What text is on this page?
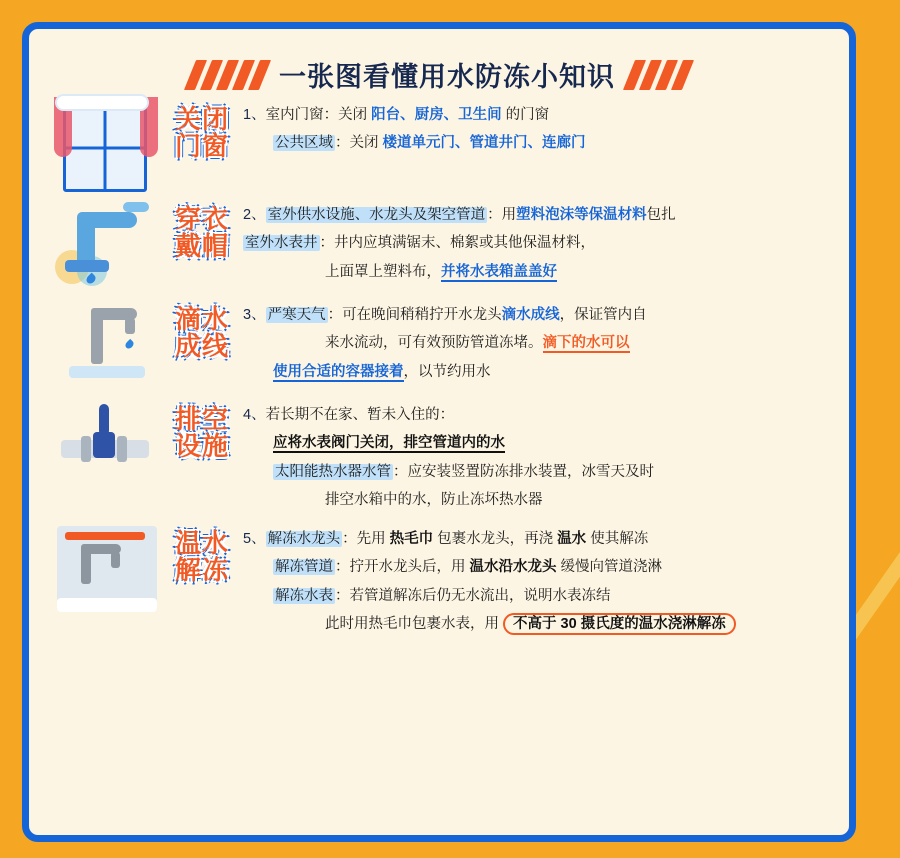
一张图看懂用水防冻小知识
关闭
门窗
1、室内门窗：关闭 阳台、厨房、卫生间 的门窗
公共区域 ：关闭 楼道单元门、管道井门、连廊门
穿衣
戴帽
2、 室外供水设施、水龙头及架空管道 ：用塑料泡沫等保温材料包扎
室外水表井 ：井内应填满锯末、棉絮或其他保温材料，
上面罩上塑料布，并将水表箱盖盖好
滴水
成线
3、 严寒天气 ：可在晚间稍稍拧开水龙头滴水成线，保证管内自
来水流动，可有效预防管道冻堵。滴下的水可以
使用合适的容器接着，以节约用水
排空
设施
4、若长期不在家、暂未入住的：
应将水表阀门关闭，排空管道内的水
太阳能热水器水管 ：应安装竖置防冻排水装置，冰雪天及时
排空水箱中的水，防止冻坏热水器
温水
解冻
5、 解冻水龙头 ：先用 热毛巾 包裹水龙头，再浇 温水 使其解冻
解冻管道 ：拧开水龙头后，用 温水沿水龙头 缓慢向管道浇淋
解冻水表 ：若管道解冻后仍无水流出，说明水表冻结
此时用热毛巾包裹水表，用 不高于 30 摄氏度的温水浇淋解冻
